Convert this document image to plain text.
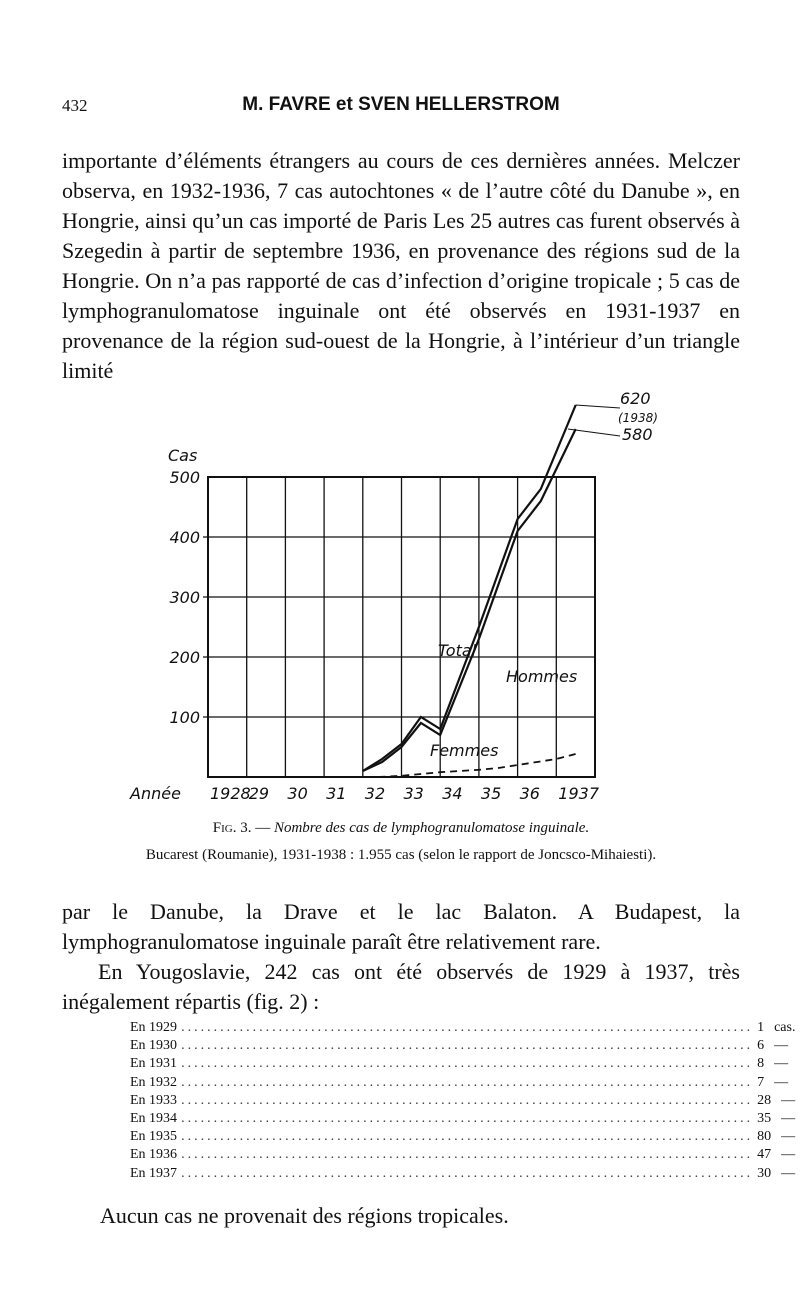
432	M. FAVRE et SVEN HELLERSTROM

importante d’éléments étrangers au cours de ces dernières années. Melczer observa, en 1932-1936, 7 cas autochtones « de l’autre côté du Danube », en Hongrie, ainsi qu’un cas importé de Paris Les 25 autres cas furent observés à Szegedin à partir de septembre 1936, en provenance des régions sud de la Hongrie. On n’a pas rapporté de cas d’infection d’origine tropicale ; 5 cas de lymphogranulomatose inguinale ont été observés en 1931-1937 en provenance de la région sud-ouest de la Hongrie, à l’intérieur d’un triangle limité

500
400
300
200
100
Cas
1928
29 30 31 32 33 34 35 36 1937
Année
Total
Hommes
Femmes
620
(1938)
580

Fig. 3. — Nombre des cas de lymphogranulomatose inguinale.

Bucarest (Roumanie), 1931-1938 : 1.955 cas (selon le rapport de Joncsco-Mihaiesti).

par le Danube, la Drave et le lac Balaton. A Budapest, la lymphogranulomatose inguinale paraît être relativement rare.

En Yougoslavie, 242 cas ont été observés de 1929 à 1937, très inégalement répartis (fig. 2) :

En 1929 ........................................................................................ 1 cas.
En 1930 ........................................................................................ 6 —
En 1931 ........................................................................................ 8 —
En 1932 ........................................................................................ 7 —
En 1933 ........................................................................................ 28 —
En 1934 ........................................................................................ 35 —
En 1935 ........................................................................................ 80 —
En 1936 ........................................................................................ 47 —
En 1937 ........................................................................................ 30 —

Aucun cas ne provenait des régions tropicales.
